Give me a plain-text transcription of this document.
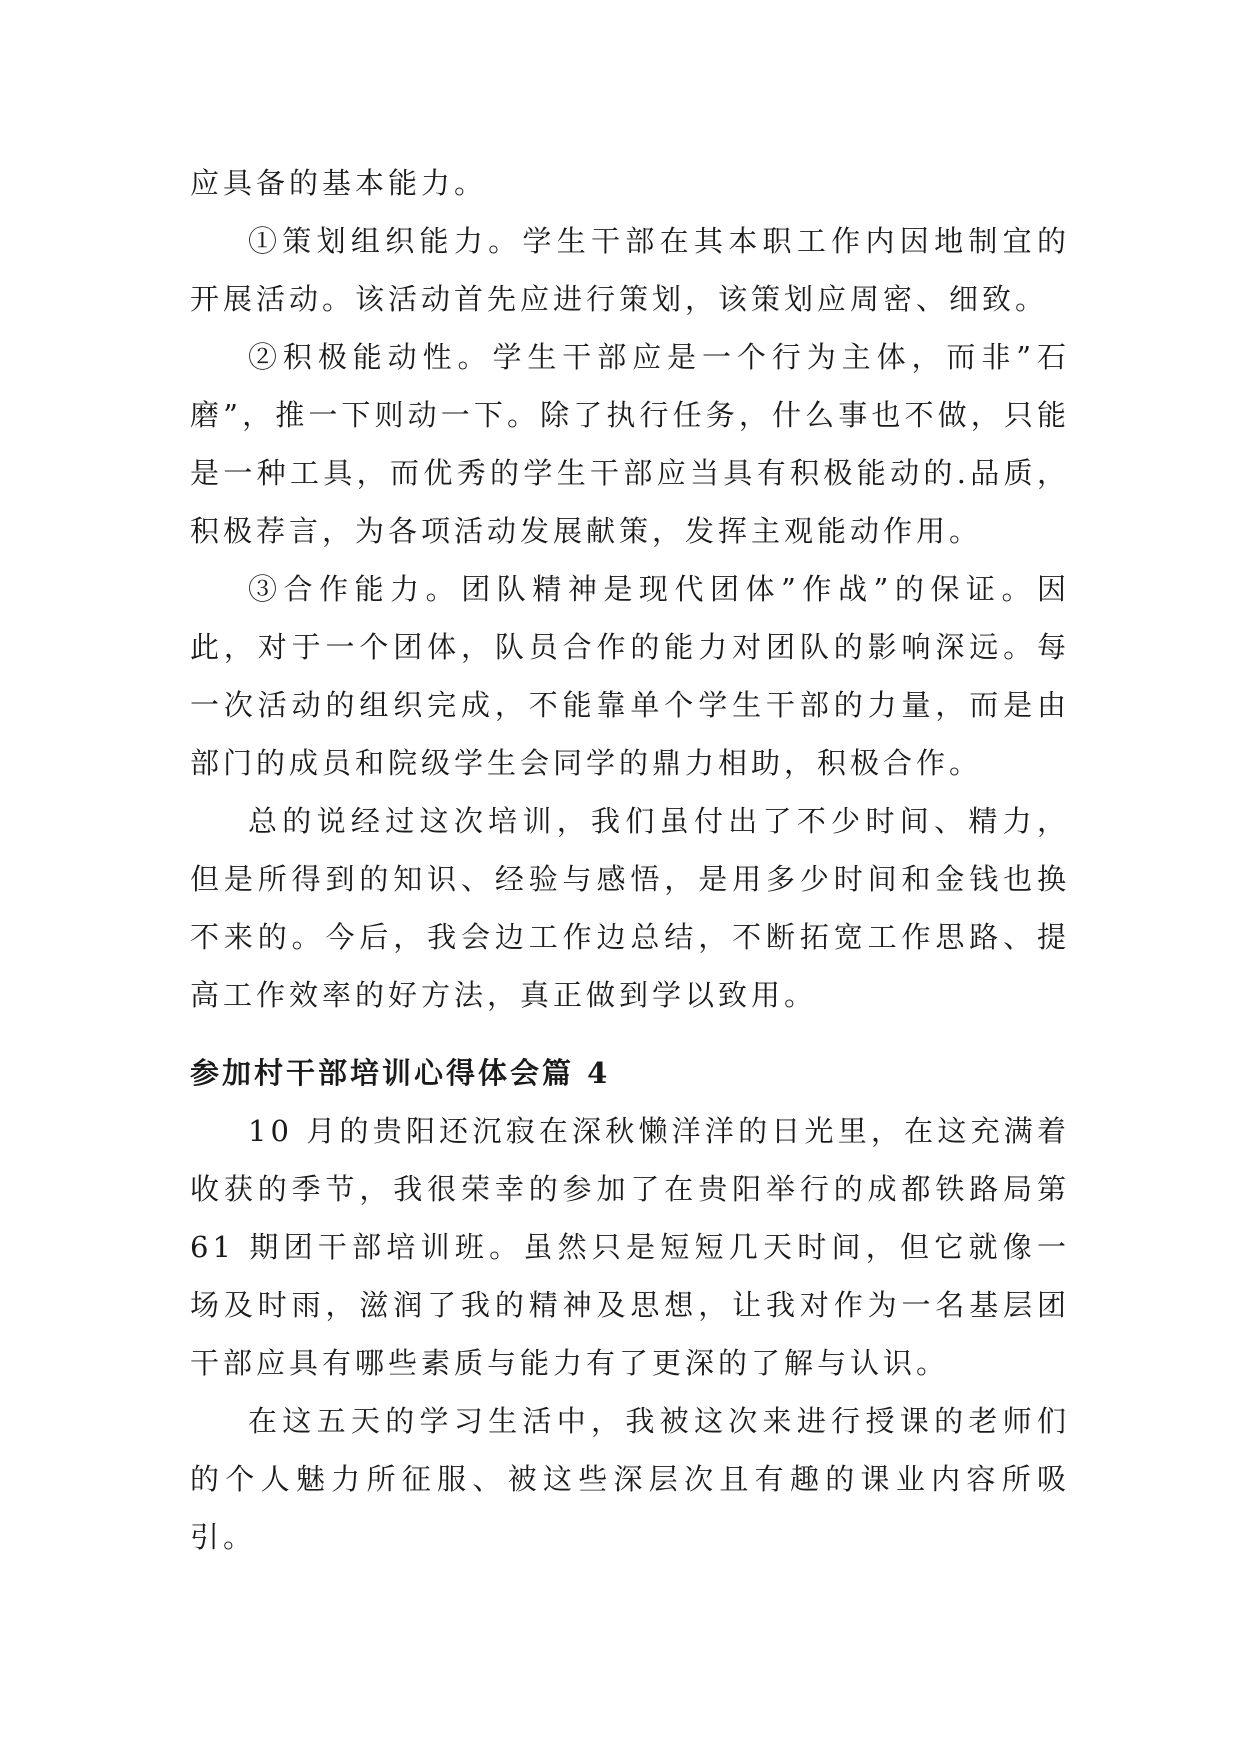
应具备的基本能力。

①策划组织能力。学生干部在其本职工作内因地制宜的开展活动。该活动首先应进行策划，该策划应周密、细致。

②积极能动性。学生干部应是一个行为主体，而非”石磨”，推一下则动一下。除了执行任务，什么事也不做，只能是一种工具，而优秀的学生干部应当具有积极能动的.品质，积极荐言，为各项活动发展献策，发挥主观能动作用。

③合作能力。团队精神是现代团体”作战”的保证。因此，对于一个团体，队员合作的能力对团队的影响深远。每一次活动的组织完成，不能靠单个学生干部的力量，而是由部门的成员和院级学生会同学的鼎力相助，积极合作。

总的说经过这次培训，我们虽付出了不少时间、精力，但是所得到的知识、经验与感悟，是用多少时间和金钱也换不来的。今后，我会边工作边总结，不断拓宽工作思路、提高工作效率的好方法，真正做到学以致用。

参加村干部培训心得体会篇 4

10 月的贵阳还沉寂在深秋懒洋洋的日光里，在这充满着收获的季节，我很荣幸的参加了在贵阳举行的成都铁路局第 61 期团干部培训班。虽然只是短短几天时间，但它就像一场及时雨，滋润了我的精神及思想，让我对作为一名基层团干部应具有哪些素质与能力有了更深的了解与认识。

在这五天的学习生活中，我被这次来进行授课的老师们的个人魅力所征服、被这些深层次且有趣的课业内容所吸引。
